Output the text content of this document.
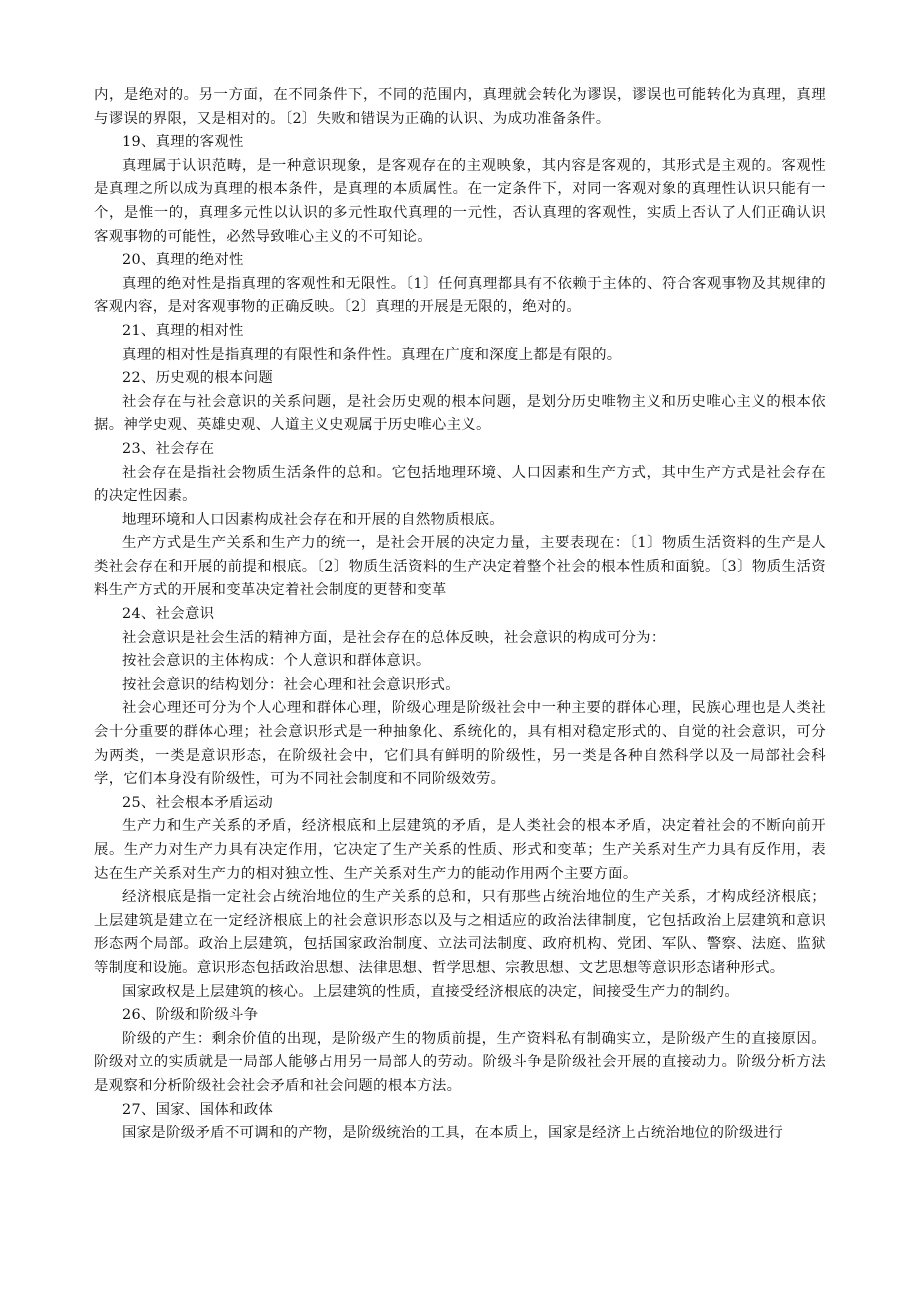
内，是绝对的。另一方面，在不同条件下，不同的范围内，真理就会转化为谬误，谬误也可能转化为真理，真理与谬误的界限，又是相对的。〔2〕失败和错误为正确的认识、为成功准备条件。

19、真理的客观性

真理属于认识范畴，是一种意识现象，是客观存在的主观映象，其内容是客观的，其形式是主观的。客观性是真理之所以成为真理的根本条件，是真理的本质属性。在一定条件下，对同一客观对象的真理性认识只能有一个，是惟一的，真理多元性以认识的多元性取代真理的一元性，否认真理的客观性，实质上否认了人们正确认识客观事物的可能性，必然导致唯心主义的不可知论。

20、真理的绝对性

真理的绝对性是指真理的客观性和无限性。〔1〕任何真理都具有不依赖于主体的、符合客观事物及其规律的客观内容，是对客观事物的正确反映。〔2〕真理的开展是无限的，绝对的。

21、真理的相对性

真理的相对性是指真理的有限性和条件性。真理在广度和深度上都是有限的。

22、历史观的根本问题

社会存在与社会意识的关系问题，是社会历史观的根本问题，是划分历史唯物主义和历史唯心主义的根本依据。神学史观、英雄史观、人道主义史观属于历史唯心主义。

23、社会存在

社会存在是指社会物质生活条件的总和。它包括地理环境、人口因素和生产方式，其中生产方式是社会存在的决定性因素。

地理环境和人口因素构成社会存在和开展的自然物质根底。

生产方式是生产关系和生产力的统一，是社会开展的决定力量，主要表现在：〔1〕物质生活资料的生产是人类社会存在和开展的前提和根底。〔2〕物质生活资料的生产决定着整个社会的根本性质和面貌。〔3〕物质生活资料生产方式的开展和变革决定着社会制度的更替和变革

24、社会意识

社会意识是社会生活的精神方面，是社会存在的总体反映，社会意识的构成可分为：

按社会意识的主体构成：个人意识和群体意识。

按社会意识的结构划分：社会心理和社会意识形式。

社会心理还可分为个人心理和群体心理，阶级心理是阶级社会中一种主要的群体心理，民族心理也是人类社会十分重要的群体心理；社会意识形式是一种抽象化、系统化的，具有相对稳定形式的、自觉的社会意识，可分为两类，一类是意识形态，在阶级社会中，它们具有鲜明的阶级性，另一类是各种自然科学以及一局部社会科学，它们本身没有阶级性，可为不同社会制度和不同阶级效劳。

25、社会根本矛盾运动

生产力和生产关系的矛盾，经济根底和上层建筑的矛盾，是人类社会的根本矛盾，决定着社会的不断向前开展。生产力对生产力具有决定作用，它决定了生产关系的性质、形式和变革；生产关系对生产力具有反作用，表达在生产关系对生产力的相对独立性、生产关系对生产力的能动作用两个主要方面。

经济根底是指一定社会占统治地位的生产关系的总和，只有那些占统治地位的生产关系，才构成经济根底；上层建筑是建立在一定经济根底上的社会意识形态以及与之相适应的政治法律制度，它包括政治上层建筑和意识形态两个局部。政治上层建筑，包括国家政治制度、立法司法制度、政府机构、党团、军队、警察、法庭、监狱等制度和设施。意识形态包括政治思想、法律思想、哲学思想、宗教思想、文艺思想等意识形态诸种形式。

国家政权是上层建筑的核心。上层建筑的性质，直接受经济根底的决定，间接受生产力的制约。

26、阶级和阶级斗争

阶级的产生：剩余价值的出现，是阶级产生的物质前提，生产资料私有制确实立，是阶级产生的直接原因。阶级对立的实质就是一局部人能够占用另一局部人的劳动。阶级斗争是阶级社会开展的直接动力。阶级分析方法是观察和分析阶级社会社会矛盾和社会问题的根本方法。

27、国家、国体和政体

国家是阶级矛盾不可调和的产物，是阶级统治的工具，在本质上，国家是经济上占统治地位的阶级进行
